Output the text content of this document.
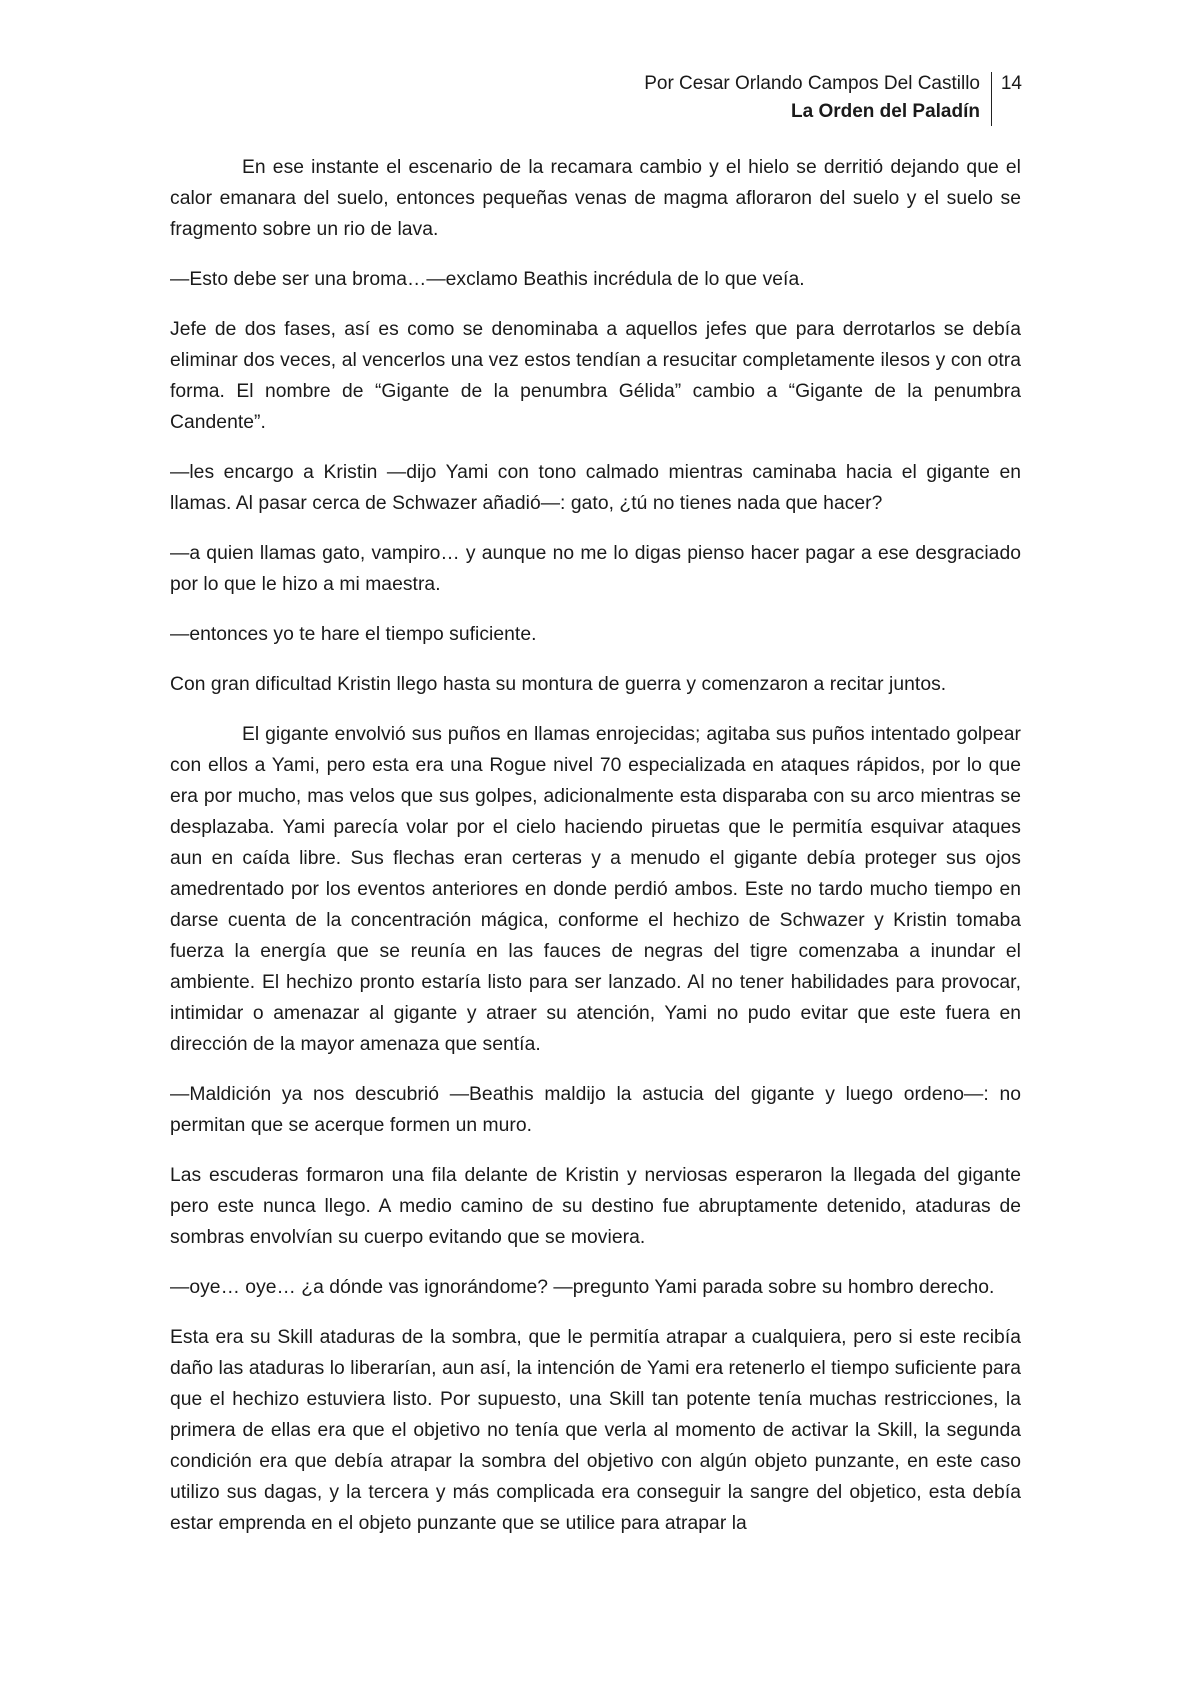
Por Cesar Orlando Campos Del Castillo
La Orden del Paladín
14

En ese instante el escenario de la recamara cambio y el hielo se derritió dejando que el calor emanara del suelo, entonces pequeñas venas de magma afloraron del suelo y el suelo se fragmento sobre un rio de lava.

—Esto debe ser una broma…—exclamo Beathis incrédula de lo que veía.

Jefe de dos fases, así es como se denominaba a aquellos jefes que para derrotarlos se debía eliminar dos veces, al vencerlos una vez estos tendían a resucitar completamente ilesos y con otra forma. El nombre de “Gigante de la penumbra Gélida” cambio a “Gigante de la penumbra Candente”.

—les encargo a Kristin —dijo Yami con tono calmado mientras caminaba hacia el gigante en llamas. Al pasar cerca de Schwazer añadió—: gato, ¿tú no tienes nada que hacer?

—a quien llamas gato, vampiro… y aunque no me lo digas pienso hacer pagar a ese desgraciado por lo que le hizo a mi maestra.

—entonces yo te hare el tiempo suficiente.

Con gran dificultad Kristin llego hasta su montura de guerra y comenzaron a recitar juntos.

El gigante envolvió sus puños en llamas enrojecidas; agitaba sus puños intentado golpear con ellos a Yami, pero esta era una Rogue nivel 70 especializada en ataques rápidos, por lo que era por mucho, mas velos que sus golpes, adicionalmente esta disparaba con su arco mientras se desplazaba. Yami parecía volar por el cielo haciendo piruetas que le permitía esquivar ataques aun en caída libre. Sus flechas eran certeras y a menudo el gigante debía proteger sus ojos amedrentado por los eventos anteriores en donde perdió ambos. Este no tardo mucho tiempo en darse cuenta de la concentración mágica, conforme el hechizo de Schwazer y Kristin tomaba fuerza la energía que se reunía en las fauces de negras del tigre comenzaba a inundar el ambiente. El hechizo pronto estaría listo para ser lanzado. Al no tener habilidades para provocar, intimidar o amenazar al gigante y atraer su atención, Yami no pudo evitar que este fuera en dirección de la mayor amenaza que sentía.

—Maldición ya nos descubrió —Beathis maldijo la astucia del gigante y luego ordeno—: no permitan que se acerque formen un muro.

Las escuderas formaron una fila delante de Kristin y nerviosas esperaron la llegada del gigante pero este nunca llego. A medio camino de su destino fue abruptamente detenido, ataduras de sombras envolvían su cuerpo evitando que se moviera.

—oye… oye… ¿a dónde vas ignorándome? —pregunto Yami parada sobre su hombro derecho.

Esta era su Skill ataduras de la sombra, que le permitía atrapar a cualquiera, pero si este recibía daño las ataduras lo liberarían, aun así, la intención de Yami era retenerlo el tiempo suficiente para que el hechizo estuviera listo. Por supuesto, una Skill tan potente tenía muchas restricciones, la primera de ellas era que el objetivo no tenía que verla al momento de activar la Skill, la segunda condición era que debía atrapar la sombra del objetivo con algún objeto punzante, en este caso utilizo sus dagas, y la tercera y más complicada era conseguir la sangre del objetico, esta debía estar emprenda en el objeto punzante que se utilice para atrapar la
